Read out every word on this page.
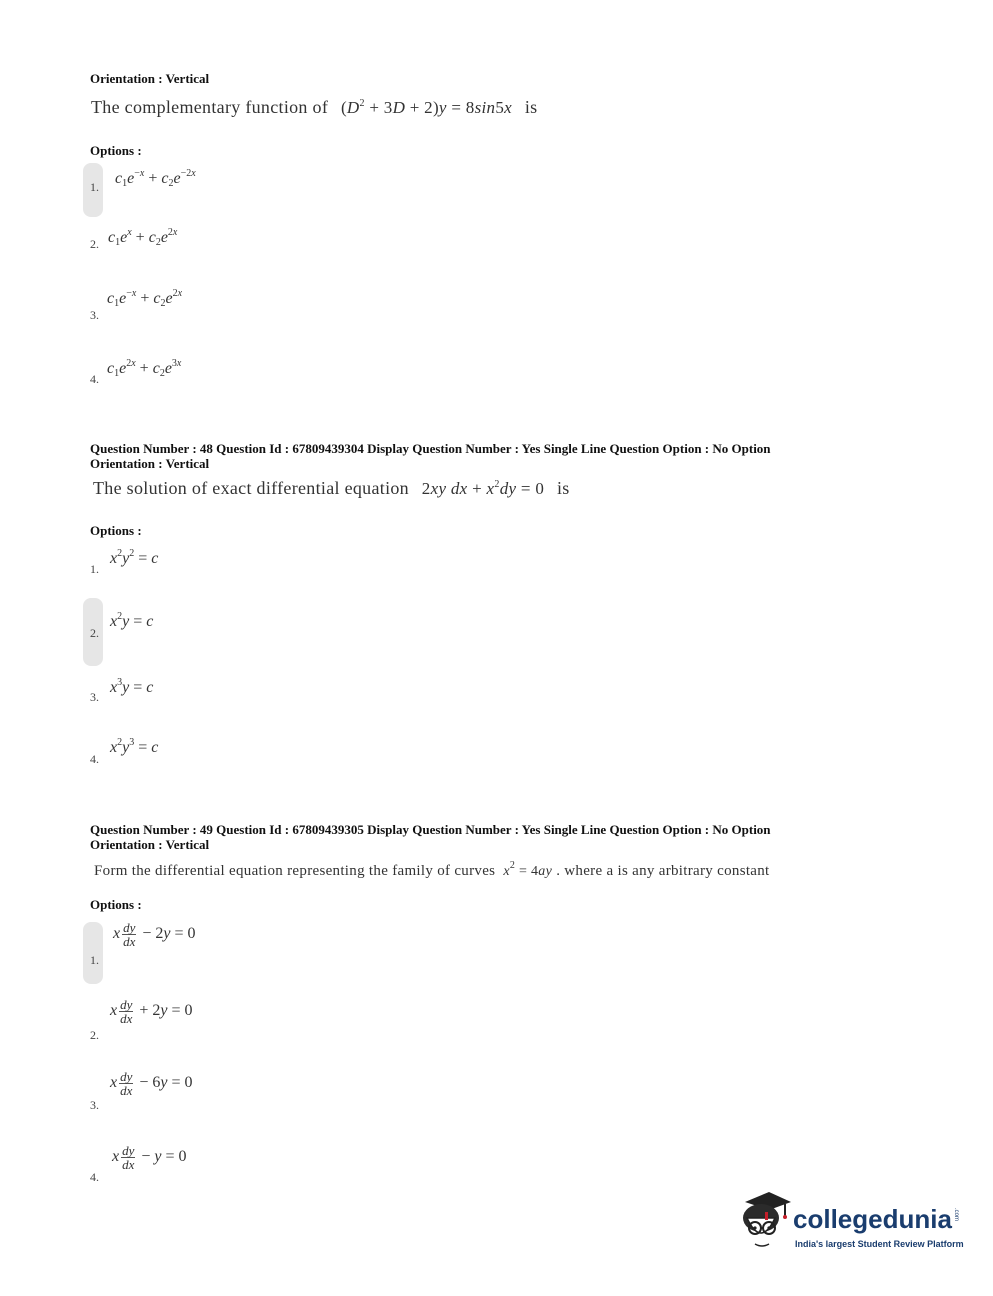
Orientation : Vertical
The complementary function of $(D^2 + 3D + 2)y = 8\sin 5x$ is
Options :
1. $c_1e^{-x} + c_2e^{-2x}$
2. $c_1e^x + c_2e^{2x}$
$c_1e^{-x} + c_2e^{2x}$
3.
4.
$c_1e^{2x} + c_2e^{3x}$
Question Number : 48 Question Id : 67809439304 Display Question Number : Yes Single Line Question Option : No Option
Orientation : Vertical
The solution of exact differential equation 2xy dx + $x^2dy = 0$ is
Options :
1.
$x^2y^2 = c$
2.
$x^2y = c$
3.
$x^3y = c$
4.
$x^2y^3 = c$
Question Number : 49 Question Id : 67809439305 Display Question Number : Yes Single Line Question Option : No Option
Orientation : Vertical
Form the differential equation representing the family of curves $x^2 = 4ay$ . where a is any arbitrary constant
Options :
1.
x $\frac{dy}{dx} - 2y = 0$
2.
x $\frac{dy}{dx} + 2y = 0$
3.
x $\frac{dy}{dx} - 6y = 0$
4.
x $\frac{dy}{dx} - y = 0$
collegedunia .com
India's largest Student Review Platform
